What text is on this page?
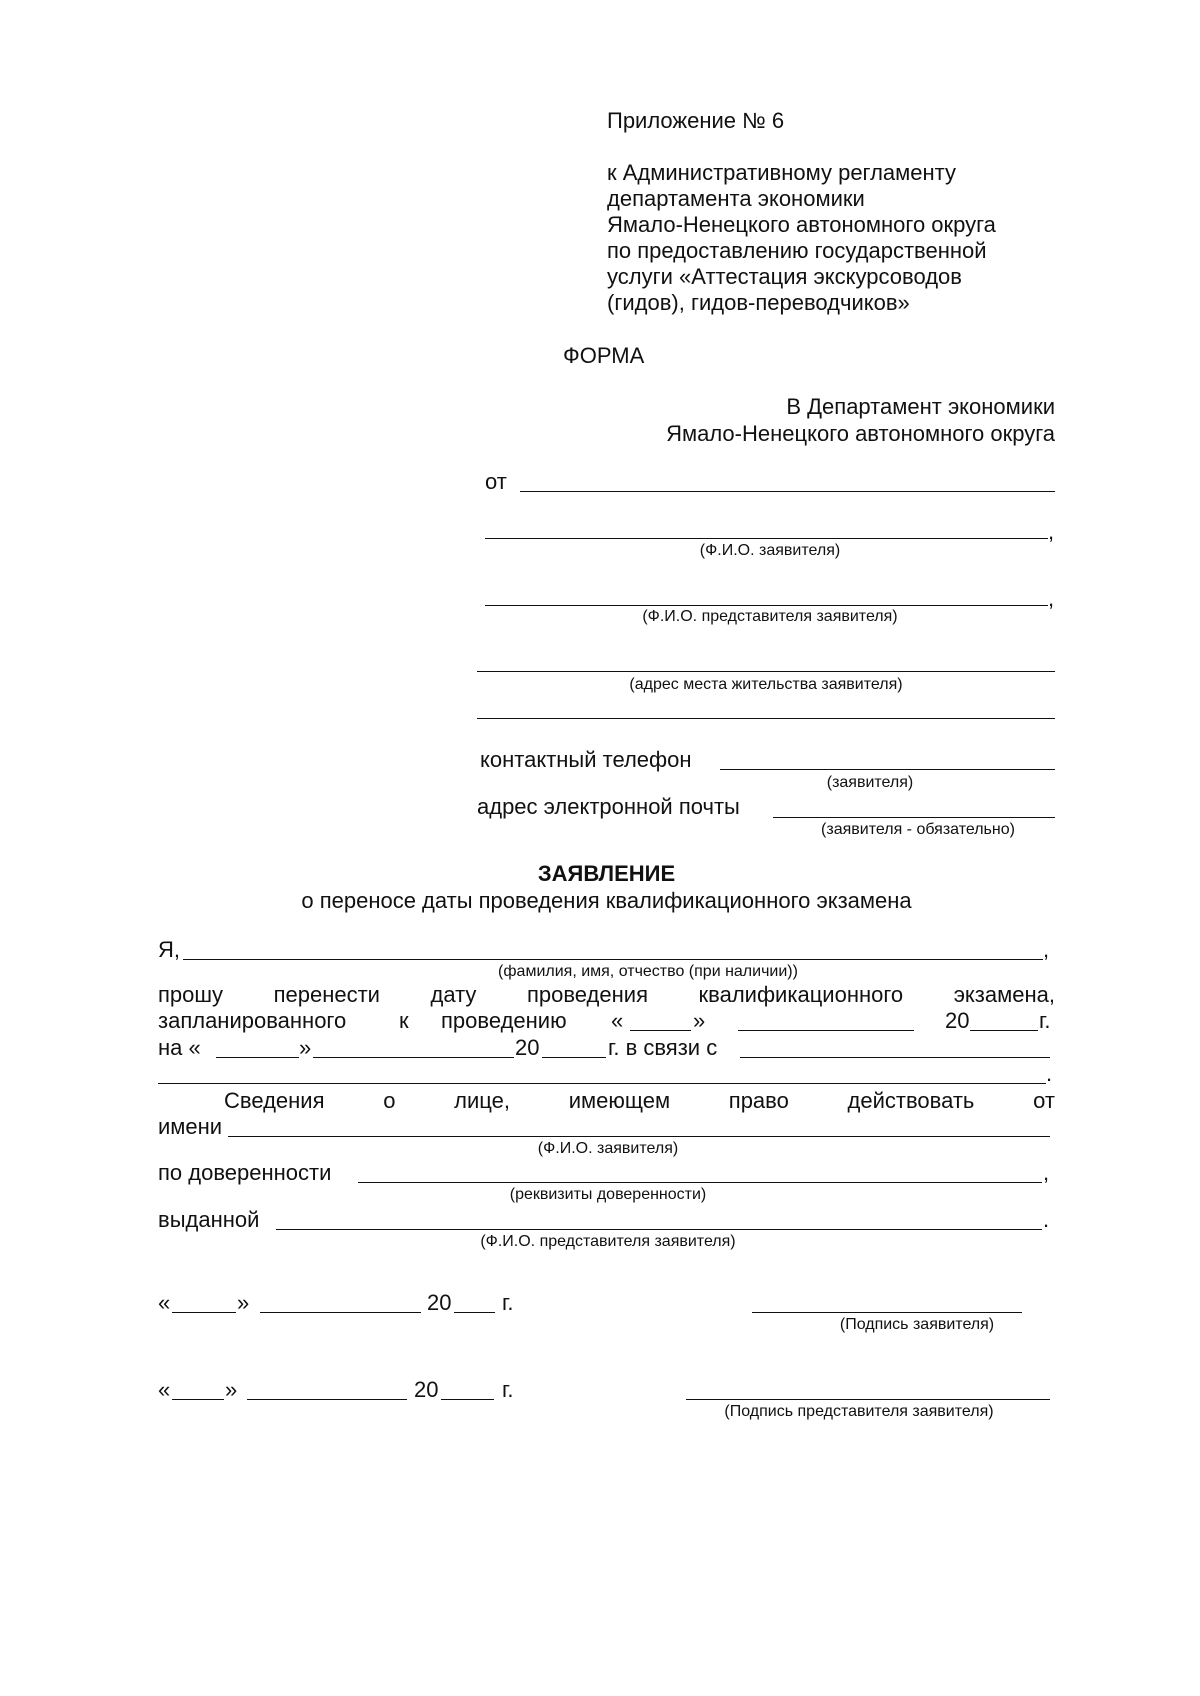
Приложение № 6
к Административному регламенту
департамента экономики
Ямало-Ненецкого автономного округа
по предоставлению государственной
услуги «Аттестация экскурсоводов
(гидов), гидов-переводчиков»
ФОРМА
В Департамент экономики
Ямало-Ненецкого автономного округа
от
,
(Ф.И.О. заявителя)
,
(Ф.И.О. представителя заявителя)
(адрес места жительства заявителя)
контактный телефон
(заявителя)
адрес электронной почты
(заявителя - обязательно)
ЗАЯВЛЕНИЕ
о переносе даты проведения квалификационного экзамена
Я,	,
(фамилия, имя, отчество (при наличии))
прошу перенести дату проведения квалификационного экзамена,
запланированного к проведению «	»	20	г.
на «	»	20	г. в связи с
.
Сведения	о	лице,	имеющем	право	действовать	от
имени
(Ф.И.О. заявителя)
по доверенности	,
(реквизиты доверенности)
выданной	.
(Ф.И.О. представителя заявителя)
«	»	20 г.
(Подпись заявителя)
« »	20	г.
(Подпись представителя заявителя)
